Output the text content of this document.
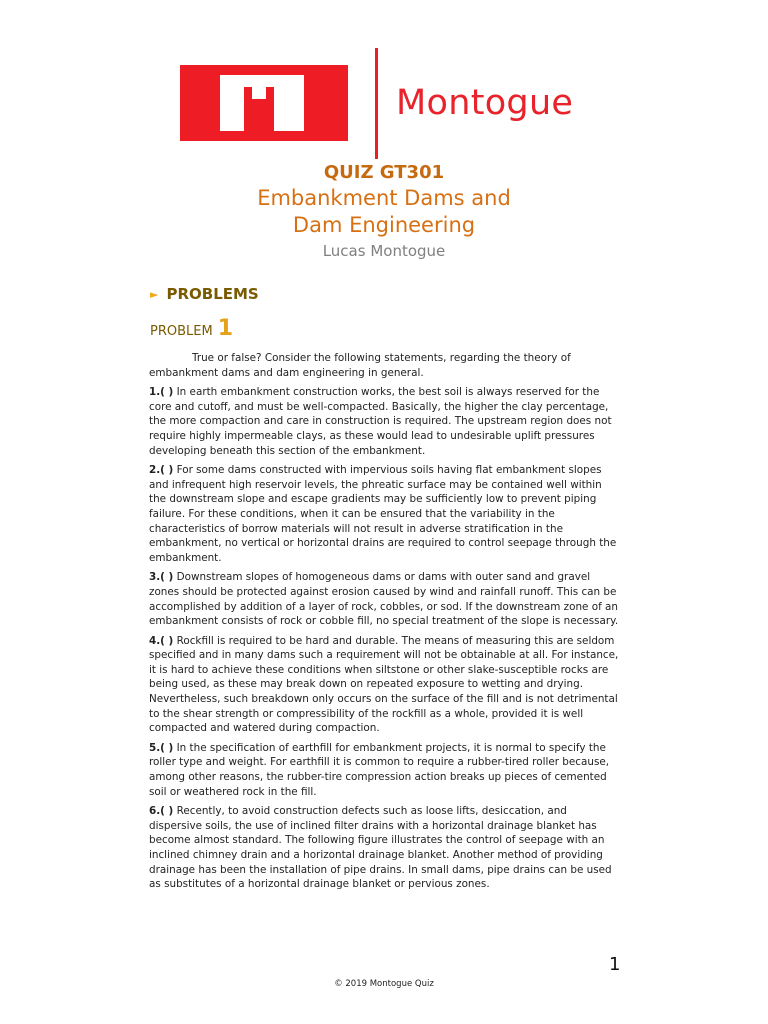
Montogue
QUIZ GT301
Embankment Dams and
Dam Engineering
Lucas Montogue
► PROBLEMS
PROBLEM 1

True or false? Consider the following statements, regarding the theory of embankment dams and dam engineering in general.

1.( ) In earth embankment construction works, the best soil is always reserved for the core and cutoff, and must be well-compacted. Basically, the higher the clay percentage, the more compaction and care in construction is required. The upstream region does not require highly impermeable clays, as these would lead to undesirable uplift pressures developing beneath this section of the embankment.

2.( ) For some dams constructed with impervious soils having flat embankment slopes and infrequent high reservoir levels, the phreatic surface may be contained well within the downstream slope and escape gradients may be sufficiently low to prevent piping failure. For these conditions, when it can be ensured that the variability in the characteristics of borrow materials will not result in adverse stratification in the embankment, no vertical or horizontal drains are required to control seepage through the embankment.

3.( ) Downstream slopes of homogeneous dams or dams with outer sand and gravel zones should be protected against erosion caused by wind and rainfall runoff. This can be accomplished by addition of a layer of rock, cobbles, or sod. If the downstream zone of an embankment consists of rock or cobble fill, no special treatment of the slope is necessary.

4.( ) Rockfill is required to be hard and durable. The means of measuring this are seldom specified and in many dams such a requirement will not be obtainable at all. For instance, it is hard to achieve these conditions when siltstone or other slake-susceptible rocks are being used, as these may break down on repeated exposure to wetting and drying. Nevertheless, such breakdown only occurs on the surface of the fill and is not detrimental to the shear strength or compressibility of the rockfill as a whole, provided it is well compacted and watered during compaction.

5.( ) In the specification of earthfill for embankment projects, it is normal to specify the roller type and weight. For earthfill it is common to require a rubber-tired roller because, among other reasons, the rubber-tire compression action breaks up pieces of cemented soil or weathered rock in the fill.

6.( ) Recently, to avoid construction defects such as loose lifts, desiccation, and dispersive soils, the use of inclined filter drains with a horizontal drainage blanket has become almost standard. The following figure illustrates the control of seepage with an inclined chimney drain and a horizontal drainage blanket. Another method of providing drainage has been the installation of pipe drains. In small dams, pipe drains can be used as substitutes of a horizontal drainage blanket or pervious zones.

1
© 2019 Montogue Quiz
